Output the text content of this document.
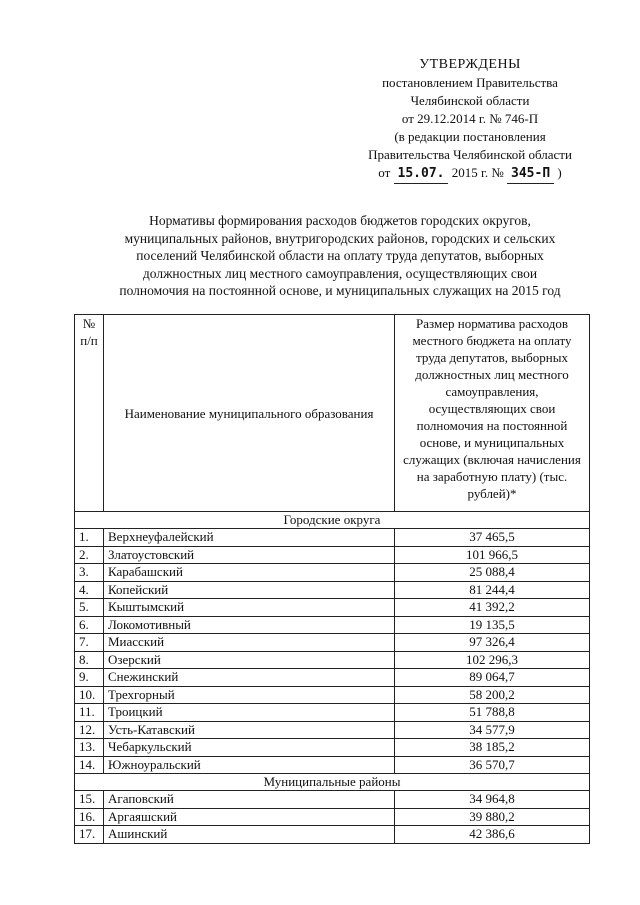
УТВЕРЖДЕНЫ
постановлением Правительства
Челябинской области
от 29.12.2014 г. № 746-П
(в редакции постановления
Правительства Челябинской области
от 15.07. 2015 г. № 345-П )
Нормативы формирования расходов бюджетов городских округов,
муниципальных районов, внутригородских районов, городских и сельских
поселений Челябинской области на оплату труда депутатов, выборных
должностных лиц местного самоуправления, осуществляющих свои
полномочия на постоянной основе, и муниципальных служащих на 2015 год
№
п/п	Наименование муниципального образования	Размер норматива расходов местного бюджета на оплату труда депутатов, выборных должностных лиц местного самоуправления, осуществляющих свои полномочия на постоянной основе, и муниципальных служащих (включая начисления на заработную плату) (тыс. рублей)*
Городские округа		
1.	Верхнеуфалейский	37 465,5
2.	Златоустовский	101 966,5
3.	Карабашский	25 088,4
4.	Копейский	81 244,4
5.	Кыштымский	41 392,2
6.	Локомотивный	19 135,5
7.	Миасский	97 326,4
8.	Озерский	102 296,3
9.	Снежинский	89 064,7
10.	Трехгорный	58 200,2
11.	Троицкий	51 788,8
12.	Усть-Катавский	34 577,9
13.	Чебаркульский	38 185,2
14.	Южноуральский	36 570,7
Муниципальные районы		
15.	Агаповский	34 964,8
16.	Аргаяшский	39 880,2
17.	Ашинский	42 386,6
